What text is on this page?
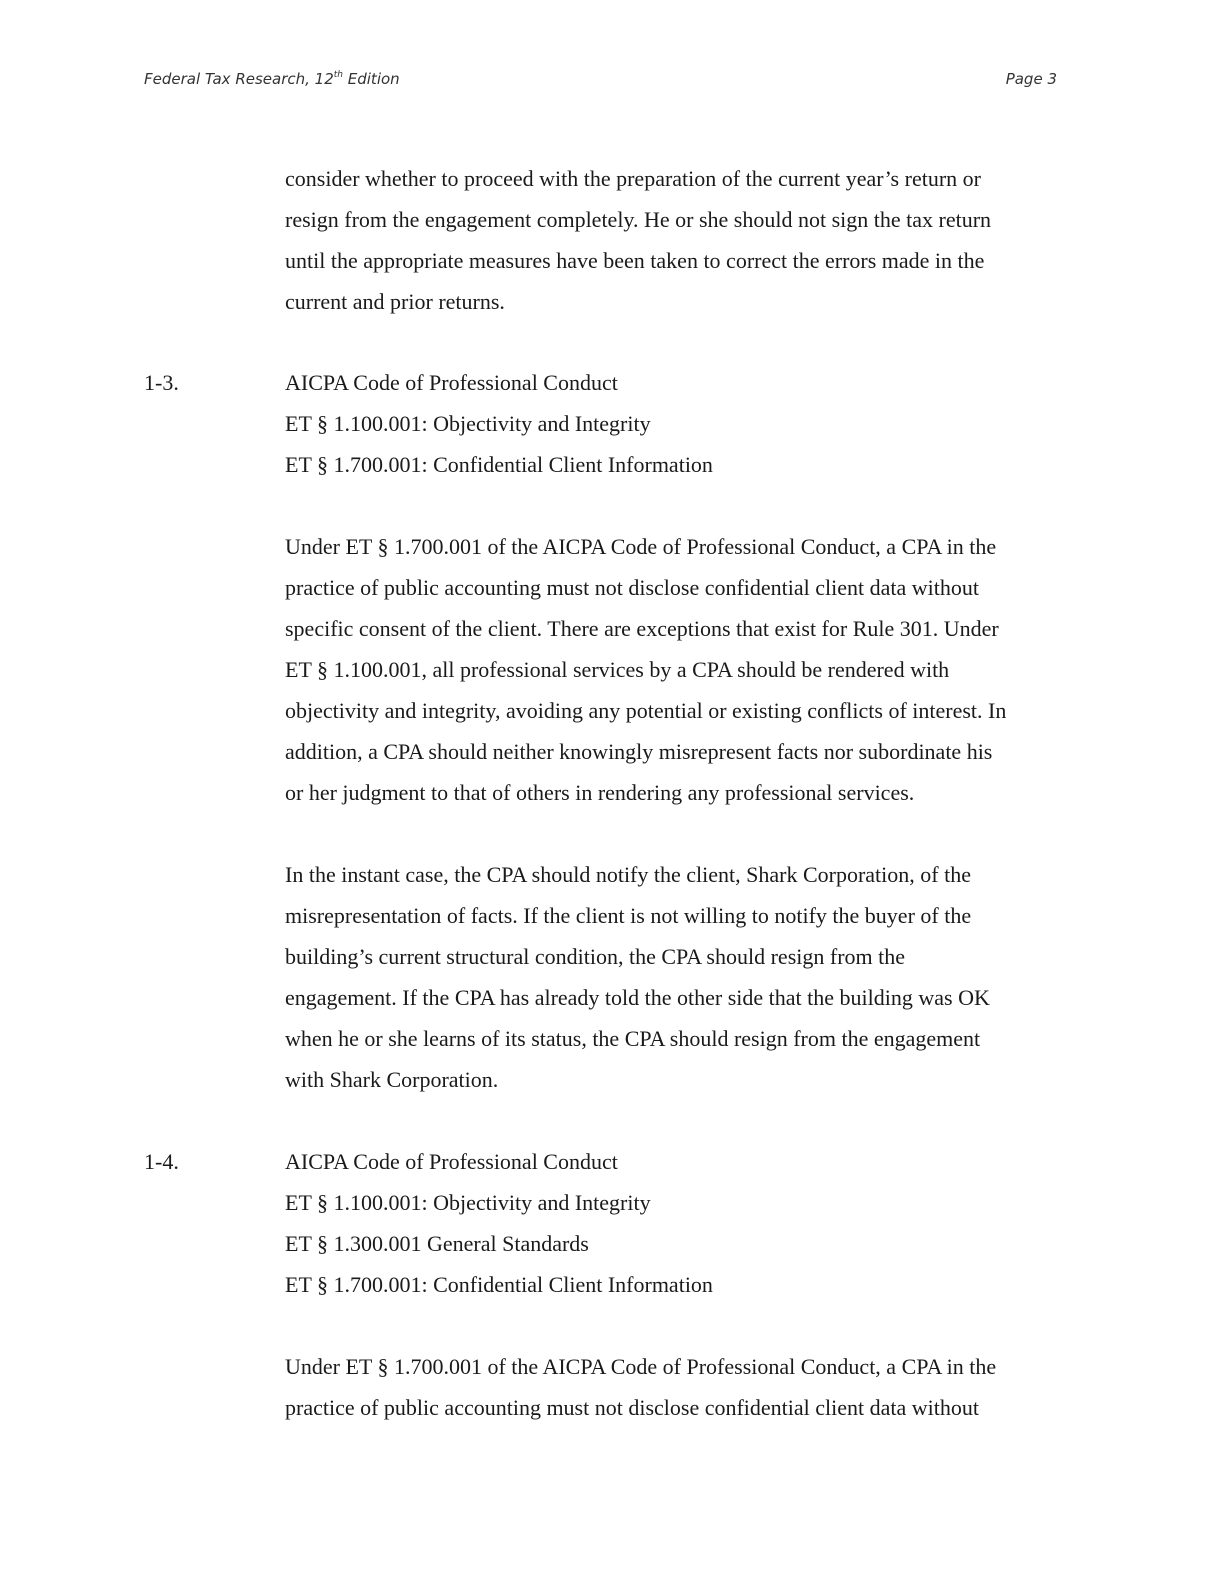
Federal Tax Research, 12th Edition	Page 3
consider whether to proceed with the preparation of the current year’s return or
resign from the engagement completely. He or she should not sign the tax return
until the appropriate measures have been taken to correct the errors made in the
current and prior returns.
1-3.	AICPA Code of Professional Conduct
ET § 1.100.001: Objectivity and Integrity
ET § 1.700.001: Confidential Client Information
Under ET § 1.700.001 of the AICPA Code of Professional Conduct, a CPA in the
practice of public accounting must not disclose confidential client data without
specific consent of the client. There are exceptions that exist for Rule 301. Under
ET § 1.100.001, all professional services by a CPA should be rendered with
objectivity and integrity, avoiding any potential or existing conflicts of interest. In
addition, a CPA should neither knowingly misrepresent facts nor subordinate his
or her judgment to that of others in rendering any professional services.
In the instant case, the CPA should notify the client, Shark Corporation, of the
misrepresentation of facts. If the client is not willing to notify the buyer of the
building’s current structural condition, the CPA should resign from the
engagement. If the CPA has already told the other side that the building was OK
when he or she learns of its status, the CPA should resign from the engagement
with Shark Corporation.
1-4.	AICPA Code of Professional Conduct
ET § 1.100.001: Objectivity and Integrity
ET § 1.300.001 General Standards
ET § 1.700.001: Confidential Client Information
Under ET § 1.700.001 of the AICPA Code of Professional Conduct, a CPA in the
practice of public accounting must not disclose confidential client data without
